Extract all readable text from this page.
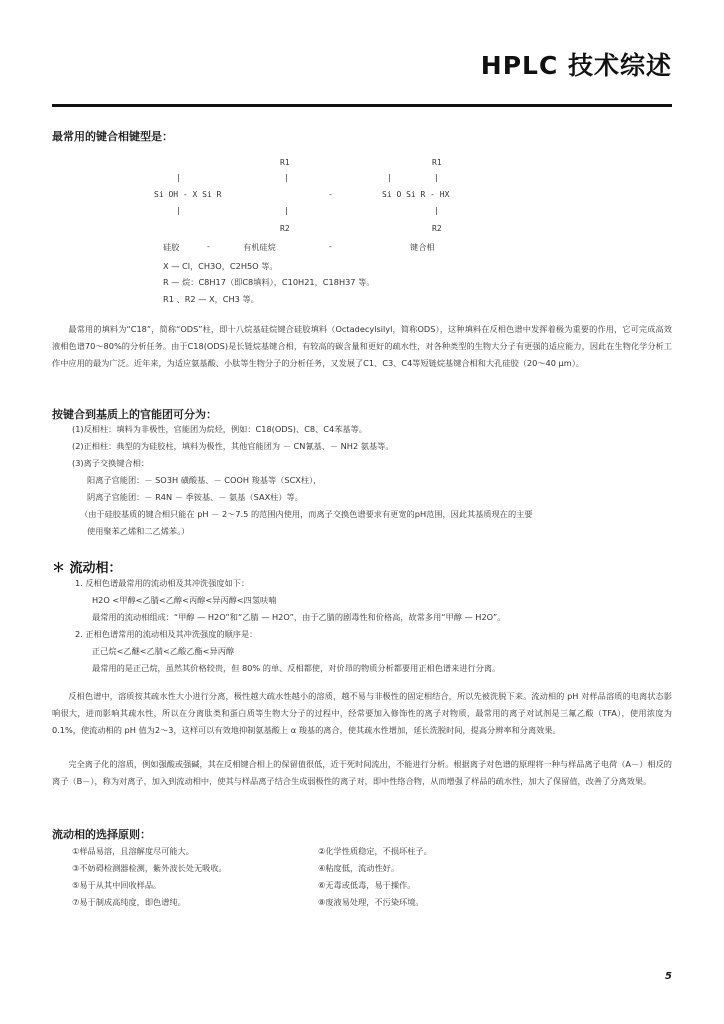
HPLC 技术综述
最常用的键合相键型是：
R1	R1
|	|	|	|
Si OH - X Si R	-	Si O Si R - HX
|	|	|
R2	R2
硅胶	-	有机硅烷	-	键合相
X — Cl，CH3O，C2H5O 等。
R — 烷：C8H17（即C8填料），C10H21，C18H37 等。
R1 、R2 — X，CH3 等。
最常用的填料为“C18”，简称“ODS”柱，即十八烷基硅烷键合硅胶填料（Octadecylsilyl，简称ODS），这种填料在反相色谱中发挥着极为重要的作用，它可完成高效液相色谱70～80%的分析任务。由于C18(ODS)是长链烷基键合相，有较高的碳含量和更好的疏水性，对各种类型的生物大分子有更强的适应能力，因此在生物化学分析工作中应用的最为广泛。近年来，为适应氨基酸、小肽等生物分子的分析任务，又发展了C1、C3、C4等短链烷基键合相和大孔硅胶（20～40 μm）。
按键合到基质上的官能团可分为：
(1)反相柱：填料为非极性，官能团为烷烃，例如：C18(ODS)、C8、C4苯基等。
(2)正相柱：典型的为硅胶柱，填料为极性，其他官能团为 － CN氰基、－ NH2 氨基等。
(3)离子交换键合相：
阳离子官能团：－ SO3H 磺酸基、－ COOH 羧基等（SCX柱），
阴离子官能团：－ R4N － 季铵基、－ 氨基（SAX柱）等。
（由于硅胶基质的键合相只能在 pH － 2～7.5 的范围内使用，而离子交换色谱要求有更宽的pH范围，因此其基质现在的主要
使用聚苯乙烯和二乙烯苯。）
＊ 流动相：
1. 反相色谱最常用的流动相及其冲洗强度如下：
H2O <甲醇<乙腈<乙醇<丙醇<异丙醇<四氢呋喃
最常用的流动相组成：“甲醇 — H2O”和“乙腈 — H2O”，由于乙腈的剧毒性和价格高，故常多用“甲醇 — H2O”。
2. 正相色谱常用的流动相及其冲洗强度的顺序是：
正己烷<乙醚<乙腈<乙酸乙酯<异丙醇
最常用的是正己烷，虽然其价格较贵，但 80% 的单、反相都使，对价昂的物质分析都要用正相色谱来进行分离。
反相色谱中，溶质按其疏水性大小进行分离，极性越大疏水性越小的溶质，越不易与非极性的固定相结合，所以先被洗脱下来。流动相的 pH 对样品溶质的电离状态影响很大，进而影响其疏水性，所以在分离肽类和蛋白质等生物大分子的过程中，经常要加入修饰性的离子对物质，最常用的离子对试剂是三氟乙酸（TFA），使用浓度为 0.1%，使流动相的 pH 值为2～3，这样可以有效地抑制氨基酸上 α 羧基的离合，使其疏水性增加，延长洗脱时间，提高分辨率和分离效果。
完全离子化的溶质，例如强酸或强碱，其在反相键合相上的保留值很低，近于死时间流出，不能进行分析。根据离子对色谱的原理将一种与样品离子电荷（A－）相反的离子（B－），称为对离子，加入到流动相中，使其与样品离子结合生成弱极性的离子对，即中性络合物，从而增强了样品的疏水性，加大了保留值，改善了分离效果。
流动相的选择原则：
①样品易溶，且溶解度尽可能大。	②化学性质稳定，不损坏柱子。
③不妨碍检测器检测，紫外波长处无吸收。	④粘度低，流动性好。
⑤易于从其中回收样品。	⑥无毒或低毒，易于操作。
⑦易于制成高纯度，即色谱纯。	⑧废液易处理，不污染环境。
5
